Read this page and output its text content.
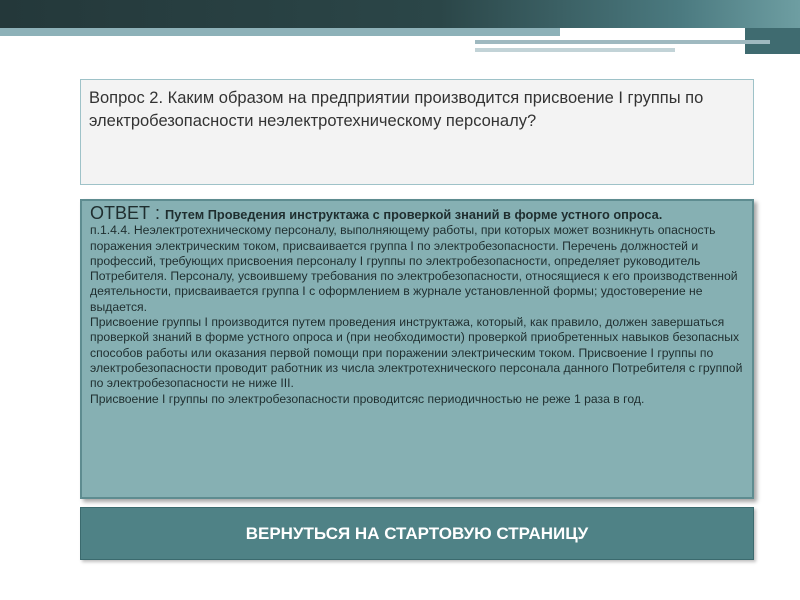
Вопрос 2. Каким образом на предприятии производится присвоение I группы по электробезопасности неэлектротехническому персоналу?
ОТВЕТ : Путем Проведения инструктажа с проверкой знаний в форме устного опроса.

п.1.4.4. Неэлектротехническому персоналу, выполняющему работы, при которых может возникнуть опасность поражения электрическим током, присваивается группа I по электробезопасности. Перечень должностей и профессий, требующих присвоения персоналу I группы по электробезопасности, определяет руководитель Потребителя. Персоналу, усвоившему требования по электробезопасности, относящиеся к его производственной деятельности, присваивается группа I с оформлением в журнале установленной формы; удостоверение не выдается.

Присвоение группы I производится путем проведения инструктажа, который, как правило, должен завершаться проверкой знаний в форме устного опроса и (при необходимости) проверкой приобретенных навыков безопасных способов работы или оказания первой помощи при поражении электрическим током. Присвоение I группы по электробезопасности проводит работник из числа электротехнического персонала данного Потребителя с группой по электробезопасности не ниже III.

Присвоение I группы по электробезопасности проводитсяс периодичностью не реже 1 раза в год.

ВЕРНУТЬСЯ НА СТАРТОВУЮ СТРАНИЦУ
